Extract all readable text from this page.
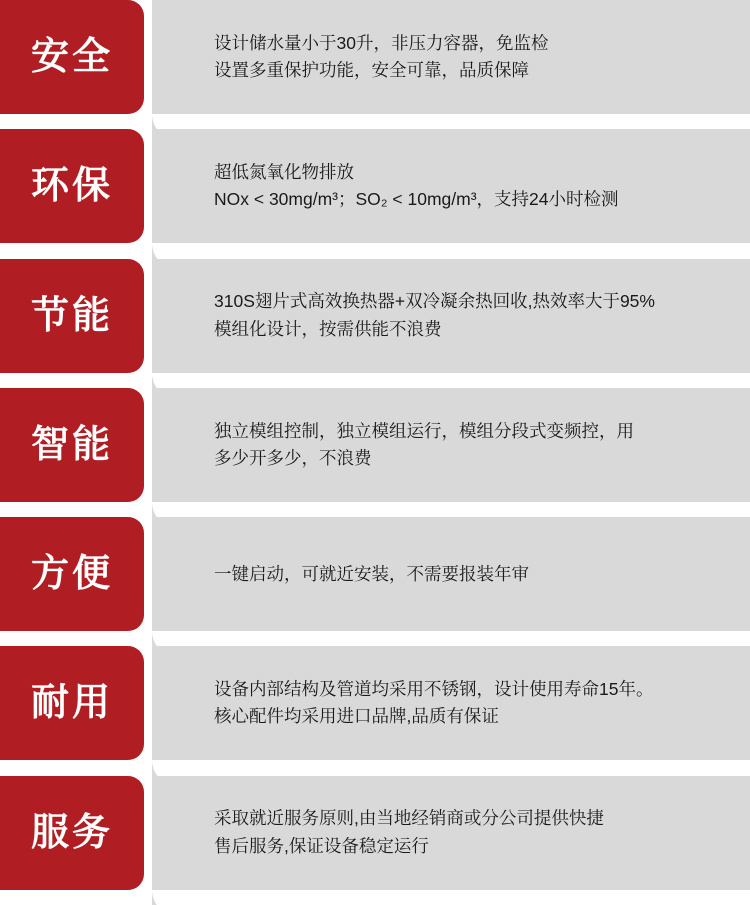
安全	设计储水量小于30升，非压力容器，免监检
设置多重保护功能，安全可靠，品质保障
环保	超低氮氧化物排放
NOx < 30mg/m³；SO₂ < 10mg/m³，支持24小时检测
节能	310S翅片式高效换热器+双冷凝余热回收,热效率大于95%
模组化设计，按需供能不浪费
智能	独立模组控制，独立模组运行，模组分段式变频控，用
多少开多少，不浪费
方便	一键启动，可就近安装，不需要报装年审
耐用	设备内部结构及管道均采用不锈钢，设计使用寿命15年。
核心配件均采用进口品牌,品质有保证
服务	采取就近服务原则,由当地经销商或分公司提供快捷
售后服务,保证设备稳定运行
